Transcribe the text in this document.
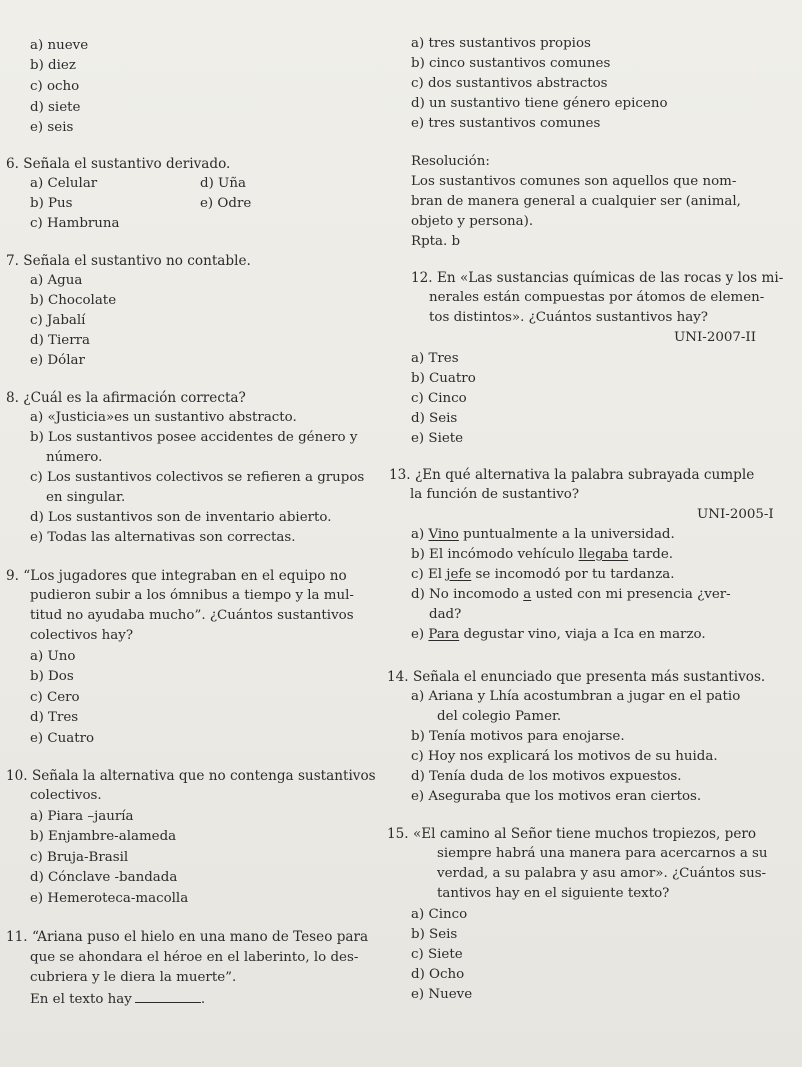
a) nueve
b) diez
c) ocho
d) siete
e) seis
6. Señala el sustantivo derivado.
a) Celular	d) Uña
b) Pus	e) Odre
c) Hambruna
7. Señala el sustantivo no contable.
a) Agua
b) Chocolate
c) Jabalí
d) Tierra
e) Dólar
8. ¿Cuál es la afirmación correcta?
a) «Justicia»es un sustantivo abstracto.
b) Los sustantivos posee accidentes de género y
número.
c) Los sustantivos colectivos se refieren a grupos
en singular.
d) Los sustantivos son de inventario abierto.
e) Todas las alternativas son correctas.
9. “Los jugadores que integraban en el equipo no
pudieron subir a los ómnibus a tiempo y la mul-
titud no ayudaba mucho”. ¿Cuántos sustantivos
colectivos hay?
a) Uno
b) Dos
c) Cero
d) Tres
e) Cuatro
10. Señala la alternativa que no contenga sustantivos
colectivos.
a) Piara –jauría
b) Enjambre-alameda
c) Bruja-Brasil
d) Cónclave -bandada
e) Hemeroteca-macolla
11. “Ariana puso el hielo en una mano de Teseo para
que se ahondara el héroe en el laberinto, lo des-
cubriera y le diera la muerte”.
En el texto hay	.
a) tres sustantivos propios
b) cinco sustantivos comunes
c) dos sustantivos abstractos
d) un sustantivo tiene género epiceno
e) tres sustantivos comunes
Resolución:
Los sustantivos comunes son aquellos que nom-
bran de manera general a cualquier ser (animal,
objeto y persona).
Rpta. b
12. En «Las sustancias químicas de las rocas y los mi-
nerales están compuestas por átomos de elemen-
tos distintos». ¿Cuántos sustantivos hay?
UNI-2007-II
a) Tres
b) Cuatro
c) Cinco
d) Seis
e) Siete
13. ¿En qué alternativa la palabra subrayada cumple
la función de sustantivo?
UNI-2005-I
a) Vino puntualmente a la universidad.
b) El incómodo vehículo llegaba tarde.
c) El jefe se incomodó por tu tardanza.
d) No incomodo a usted con mi presencia ¿ver-
dad?
e) Para degustar vino, viaja a Ica en marzo.
14. Señala el enunciado que presenta más sustantivos.
a) Ariana y Lhía acostumbran a jugar en el patio
del colegio Pamer.
b) Tenía motivos para enojarse.
c) Hoy nos explicará los motivos de su huida.
d) Tenía duda de los motivos expuestos.
e) Aseguraba que los motivos eran ciertos.
15. «El camino al Señor tiene muchos tropiezos, pero
siempre habrá una manera para acercarnos a su
verdad, a su palabra y asu amor». ¿Cuántos sus-
tantivos hay en el siguiente texto?
a) Cinco
b) Seis
c) Siete
d) Ocho
e) Nueve
